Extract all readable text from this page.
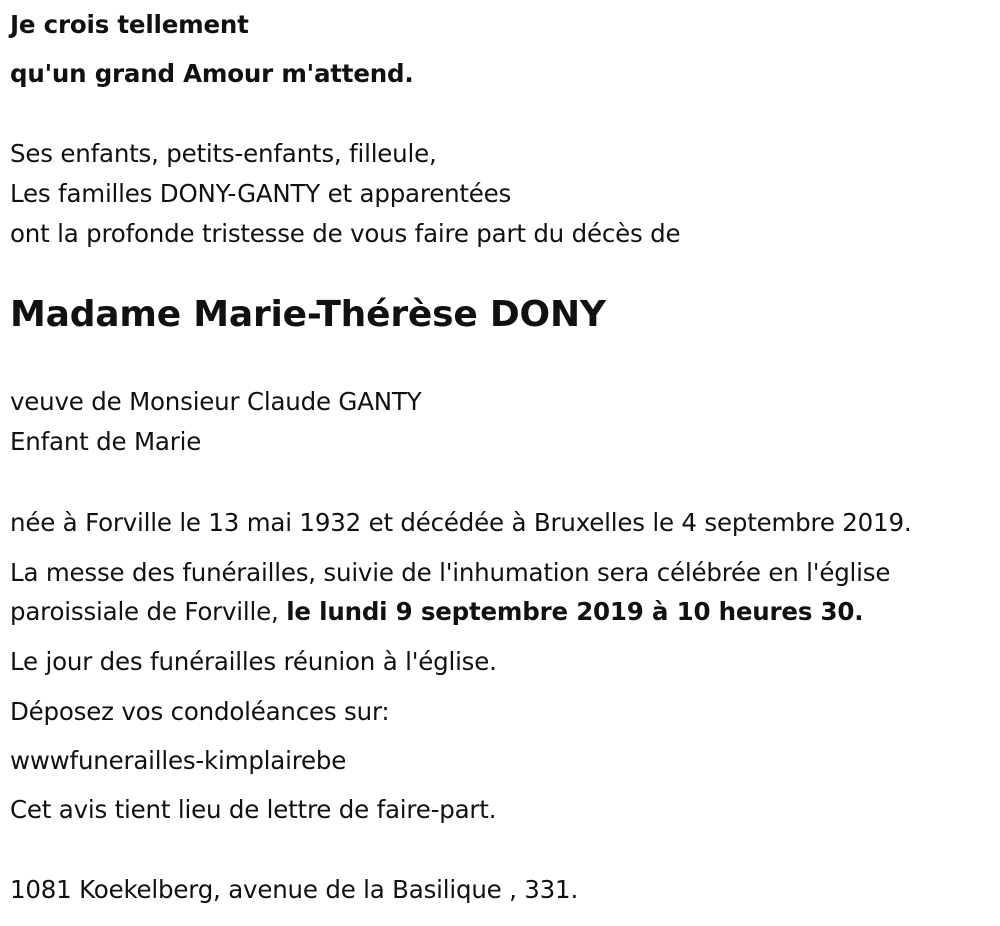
Je crois tellement

qu'un grand Amour m'attend.

Ses enfants, petits-enfants, filleule,

Les familles DONY-GANTY et apparentées

ont la profonde tristesse de vous faire part du décès de

Madame Marie-Thérèse DONY

veuve de Monsieur Claude GANTY

Enfant de Marie

née à Forville le 13 mai 1932 et décédée à Bruxelles le 4 septembre 2019.

La messe des funérailles, suivie de l'inhumation sera célébrée en l'église

paroissiale de Forville, le lundi 9 septembre 2019 à 10 heures 30.

Le jour des funérailles réunion à l'église.

Déposez vos condoléances sur:

wwwfunerailles-kimplairebe

Cet avis tient lieu de lettre de faire-part.

1081 Koekelberg, avenue de la Basilique , 331.
